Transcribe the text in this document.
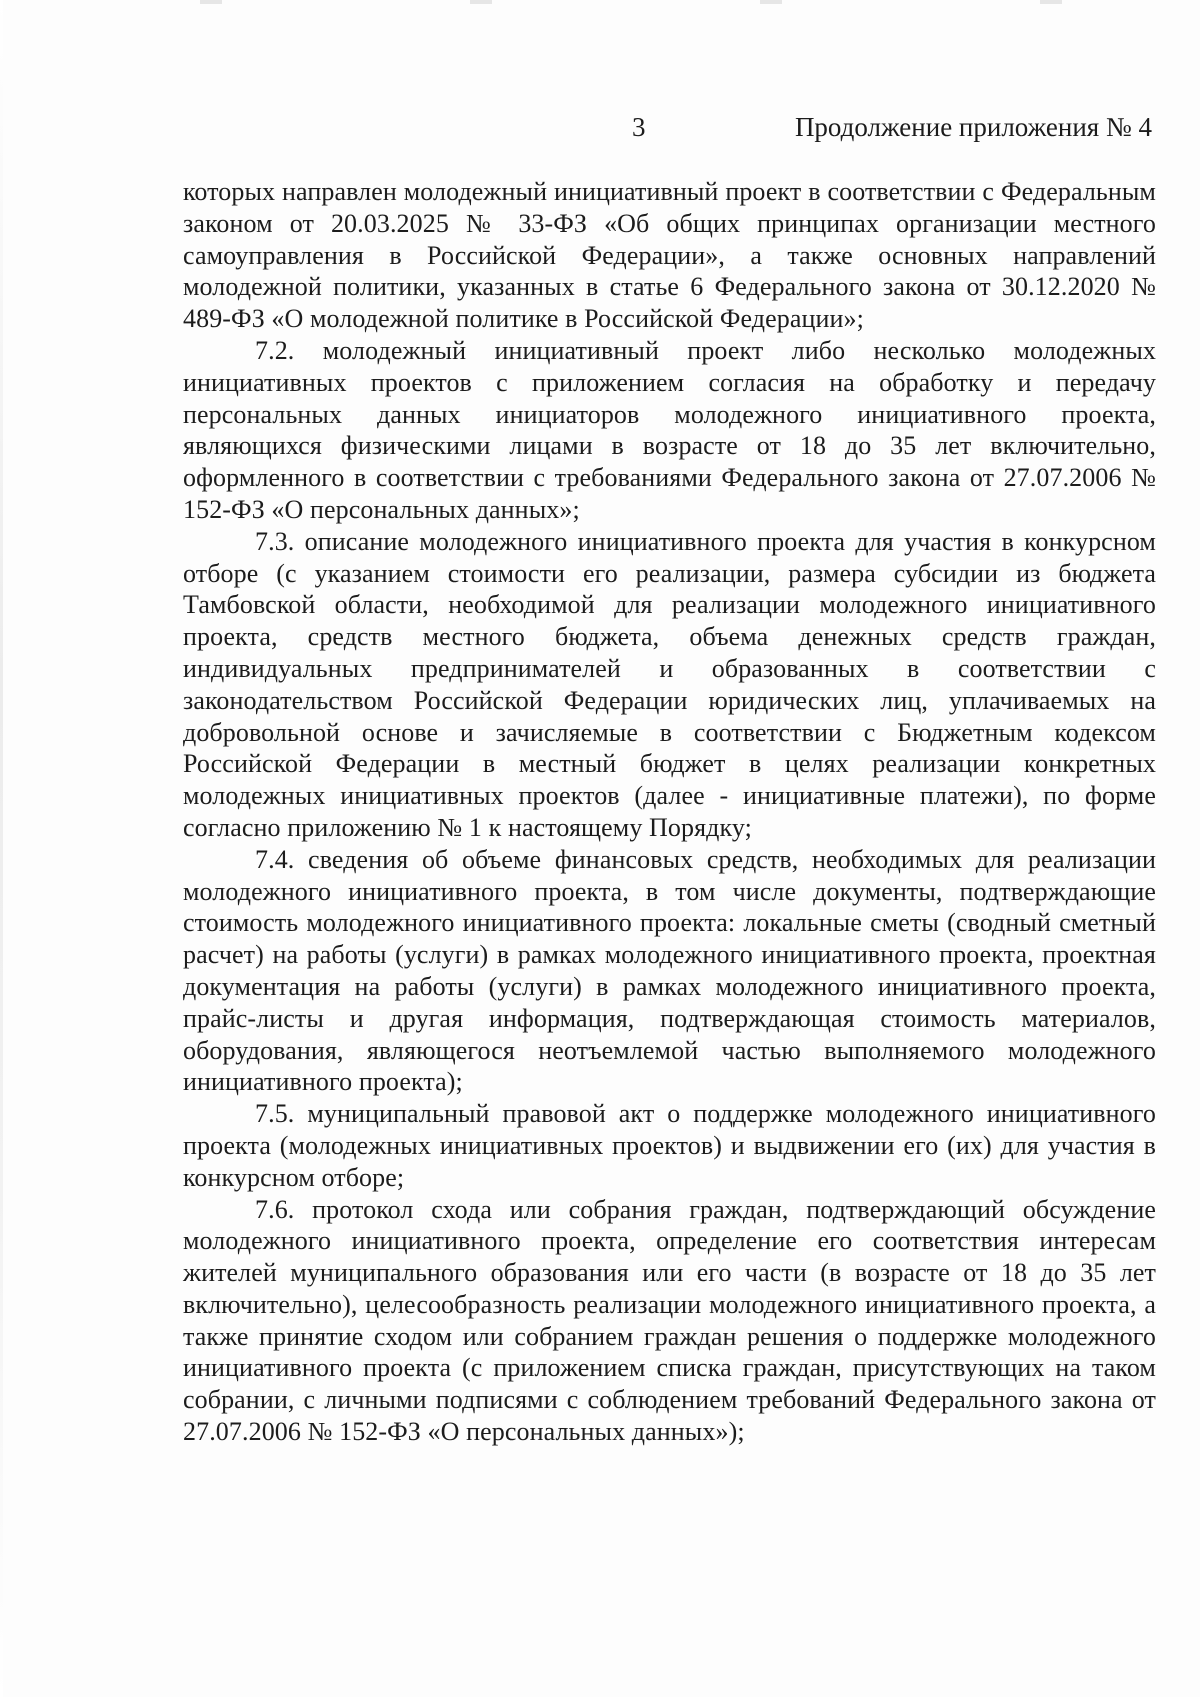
3	Продолжение приложения № 4

которых направлен молодежный инициативный проект в соответствии с Федеральным законом от 20.03.2025 № 33-ФЗ «Об общих принципах организации местного самоуправления в Российской Федерации», а также основных направлений молодежной политики, указанных в статье 6 Федерального закона от 30.12.2020 № 489-ФЗ «О молодежной политике в Российской Федерации»;

7.2. молодежный инициативный проект либо несколько молодежных инициативных проектов с приложением согласия на обработку и передачу персональных данных инициаторов молодежного инициативного проекта, являющихся физическими лицами в возрасте от 18 до 35 лет включительно, оформленного в соответствии с требованиями Федерального закона от 27.07.2006 № 152-ФЗ «О персональных данных»;

7.3. описание молодежного инициативного проекта для участия в конкурсном отборе (с указанием стоимости его реализации, размера субсидии из бюджета Тамбовской области, необходимой для реализации молодежного инициативного проекта, средств местного бюджета, объема денежных средств граждан, индивидуальных предпринимателей и образованных в соответствии с законодательством Российской Федерации юридических лиц, уплачиваемых на добровольной основе и зачисляемые в соответствии с Бюджетным кодексом Российской Федерации в местный бюджет в целях реализации конкретных молодежных инициативных проектов (далее - инициативные платежи), по форме согласно приложению № 1 к настоящему Порядку;

7.4. сведения об объеме финансовых средств, необходимых для реализации молодежного инициативного проекта, в том числе документы, подтверждающие стоимость молодежного инициативного проекта: локальные сметы (сводный сметный расчет) на работы (услуги) в рамках молодежного инициативного проекта, проектная документация на работы (услуги) в рамках молодежного инициативного проекта, прайс-листы и другая информация, подтверждающая стоимость материалов, оборудования, являющегося неотъемлемой частью выполняемого молодежного инициативного проекта);

7.5. муниципальный правовой акт о поддержке молодежного инициативного проекта (молодежных инициативных проектов) и выдвижении его (их) для участия в конкурсном отборе;

7.6. протокол схода или собрания граждан, подтверждающий обсуждение молодежного инициативного проекта, определение его соответствия интересам жителей муниципального образования или его части (в возрасте от 18 до 35 лет включительно), целесообразность реализации молодежного инициативного проекта, а также принятие сходом или собранием граждан решения о поддержке молодежного инициативного проекта (с приложением списка граждан, присутствующих на таком собрании, с личными подписями с соблюдением требований Федерального закона от 27.07.2006 № 152-ФЗ «О персональных данных»);
